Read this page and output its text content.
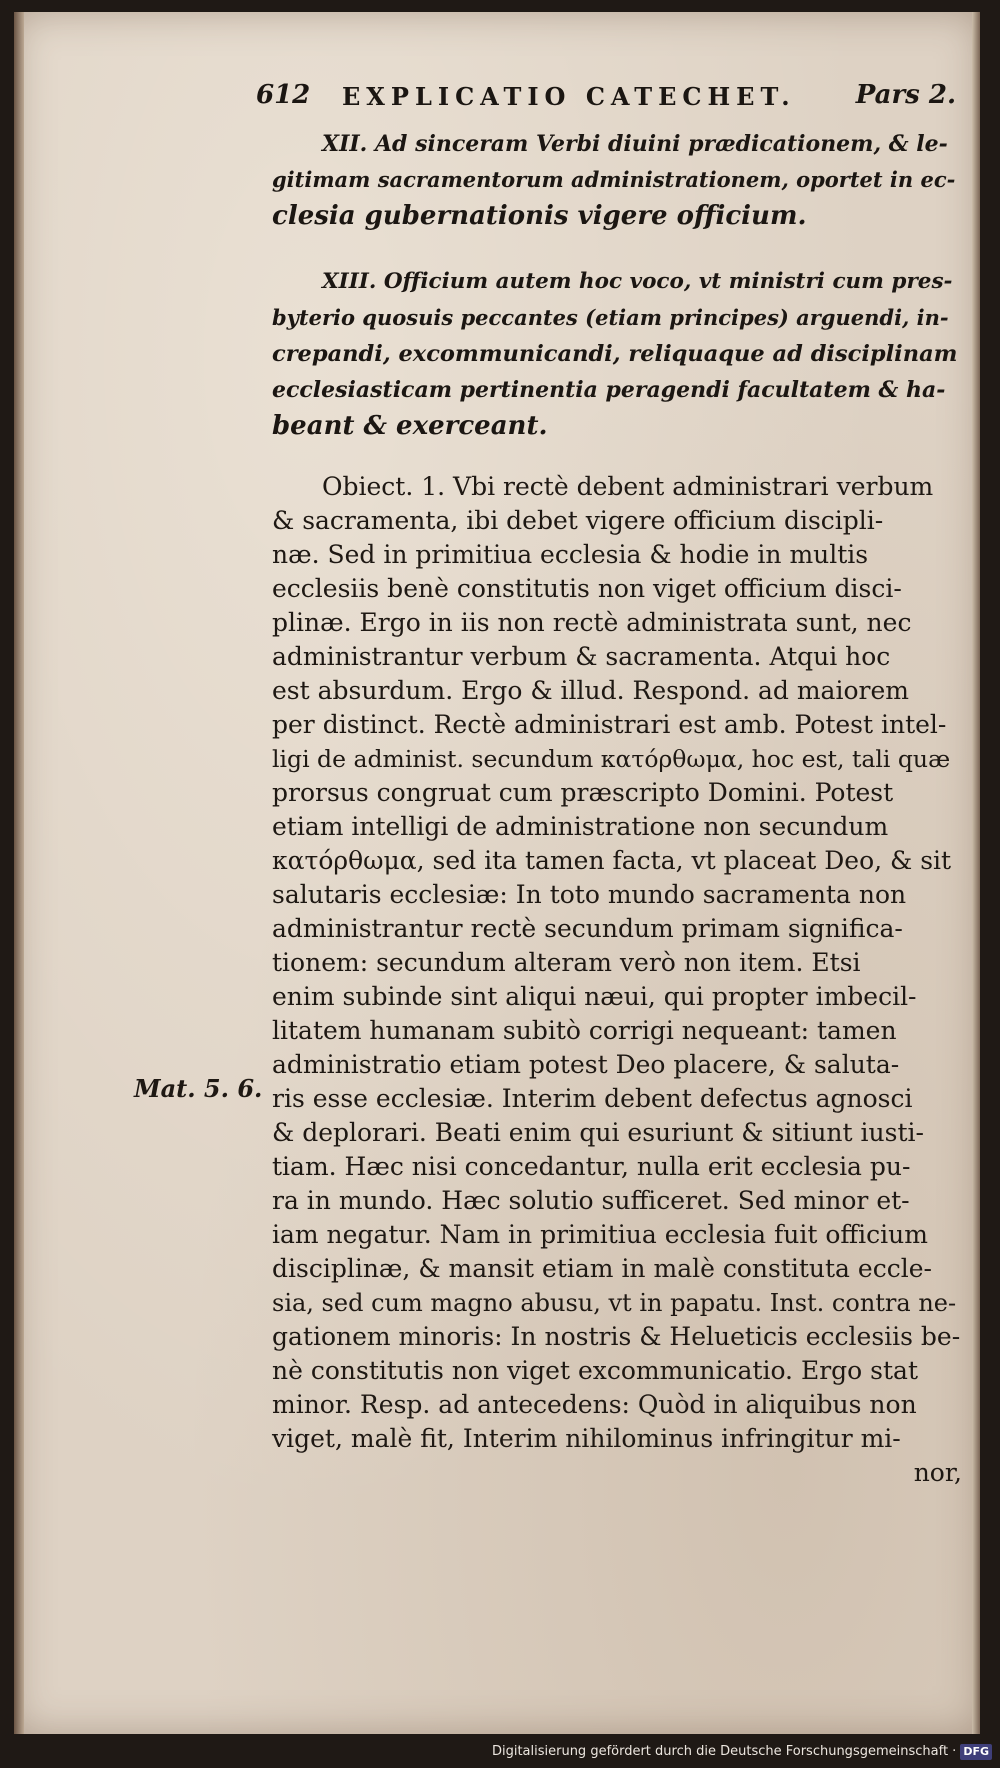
612 EXPLICATIO CATECHET. Pars 2.
XII. Ad sinceram Verbi diuini prædicationem, & le-
gitimam sacramentorum administrationem, oportet in ec-
clesia gubernationis vigere officium.
XIII. Officium autem hoc voco, vt ministri cum pres-
byterio quosuis peccantes (etiam principes) arguendi, in-
crepandi, excommunicandi, reliquaque ad disciplinam
ecclesiasticam pertinentia peragendi facultatem & ha-
beant & exerceant.
Mat. 5. 6.
Obiect. 1. Vbi rectè debent administrari verbum
& sacramenta, ibi debet vigere officium discipli-
næ. Sed in primitiua ecclesia & hodie in multis
ecclesiis benè constitutis non viget officium disci-
plinæ. Ergo in iis non rectè administrata sunt, nec
administrantur verbum & sacramenta. Atqui hoc
est absurdum. Ergo & illud. Respond. ad maiorem
per distinct. Rectè administrari est amb. Potest intel-
ligi de administ. secundum κατόρθωμα, hoc est, tali quæ
prorsus congruat cum præscripto Domini. Potest
etiam intelligi de administratione non secundum
κατόρθωμα, sed ita tamen facta, vt placeat Deo, & sit
salutaris ecclesiæ: In toto mundo sacramenta non
administrantur rectè secundum primam significa-
tionem: secundum alteram verò non item. Etsi
enim subinde sint aliqui næui, qui propter imbecil-
litatem humanam subitò corrigi nequeant: tamen
administratio etiam potest Deo placere, & saluta-
ris esse ecclesiæ. Interim debent defectus agnosci
& deplorari. Beati enim qui esuriunt & sitiunt iusti-
tiam. Hæc nisi concedantur, nulla erit ecclesia pu-
ra in mundo. Hæc solutio sufficeret. Sed minor et-
iam negatur. Nam in primitiua ecclesia fuit officium
disciplinæ, & mansit etiam in malè constituta eccle-
sia, sed cum magno abusu, vt in papatu. Inst. contra ne-
gationem minoris: In nostris & Helueticis ecclesiis be-
nè constitutis non viget excommunicatio. Ergo stat
minor. Resp. ad antecedens: Quòd in aliquibus non
viget, malè fit, Interim nihilominus infringitur mi-
nor,
Digitalisierung gefördert durch die Deutsche Forschungsgemeinschaft · DFG
